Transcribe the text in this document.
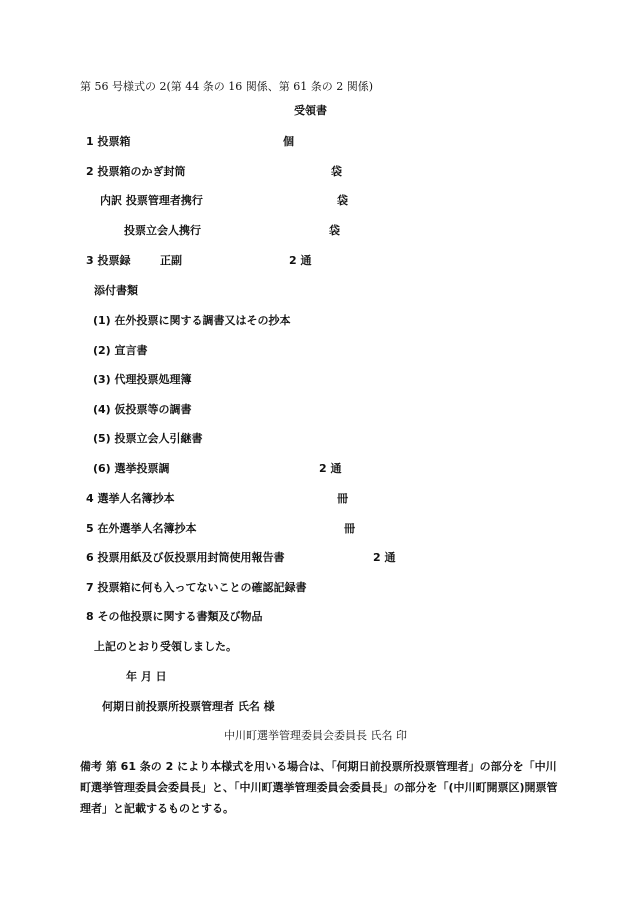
第 56 号様式の 2(第 44 条の 16 関係、第 61 条の 2 関係)
受領書
1 投票箱	個
2 投票箱のかぎ封筒	袋
内訳 投票管理者携行	袋
投票立会人携行	袋
3 投票録	正副	2 通
添付書類
(1) 在外投票に関する調書又はその抄本
(2) 宣言書
(3) 代理投票処理簿
(4) 仮投票等の調書
(5) 投票立会人引継書
(6) 選挙投票調	2 通
4 選挙人名簿抄本	冊
5 在外選挙人名簿抄本	冊
6 投票用紙及び仮投票用封筒使用報告書	2 通
7 投票箱に何も入ってないことの確認記録書
8 その他投票に関する書類及び物品
上記のとおり受領しました。
年 月 日
何期日前投票所投票管理者 氏名 様
中川町選挙管理委員会委員長 氏名 印
備考 第 61 条の 2 により本様式を用いる場合は、「何期日前投票所投票管理者」の部分を「中川町選挙管理委員会委員長」と、「中川町選挙管理委員会委員長」の部分を「(中川町開票区)開票管理者」と記載するものとする。
